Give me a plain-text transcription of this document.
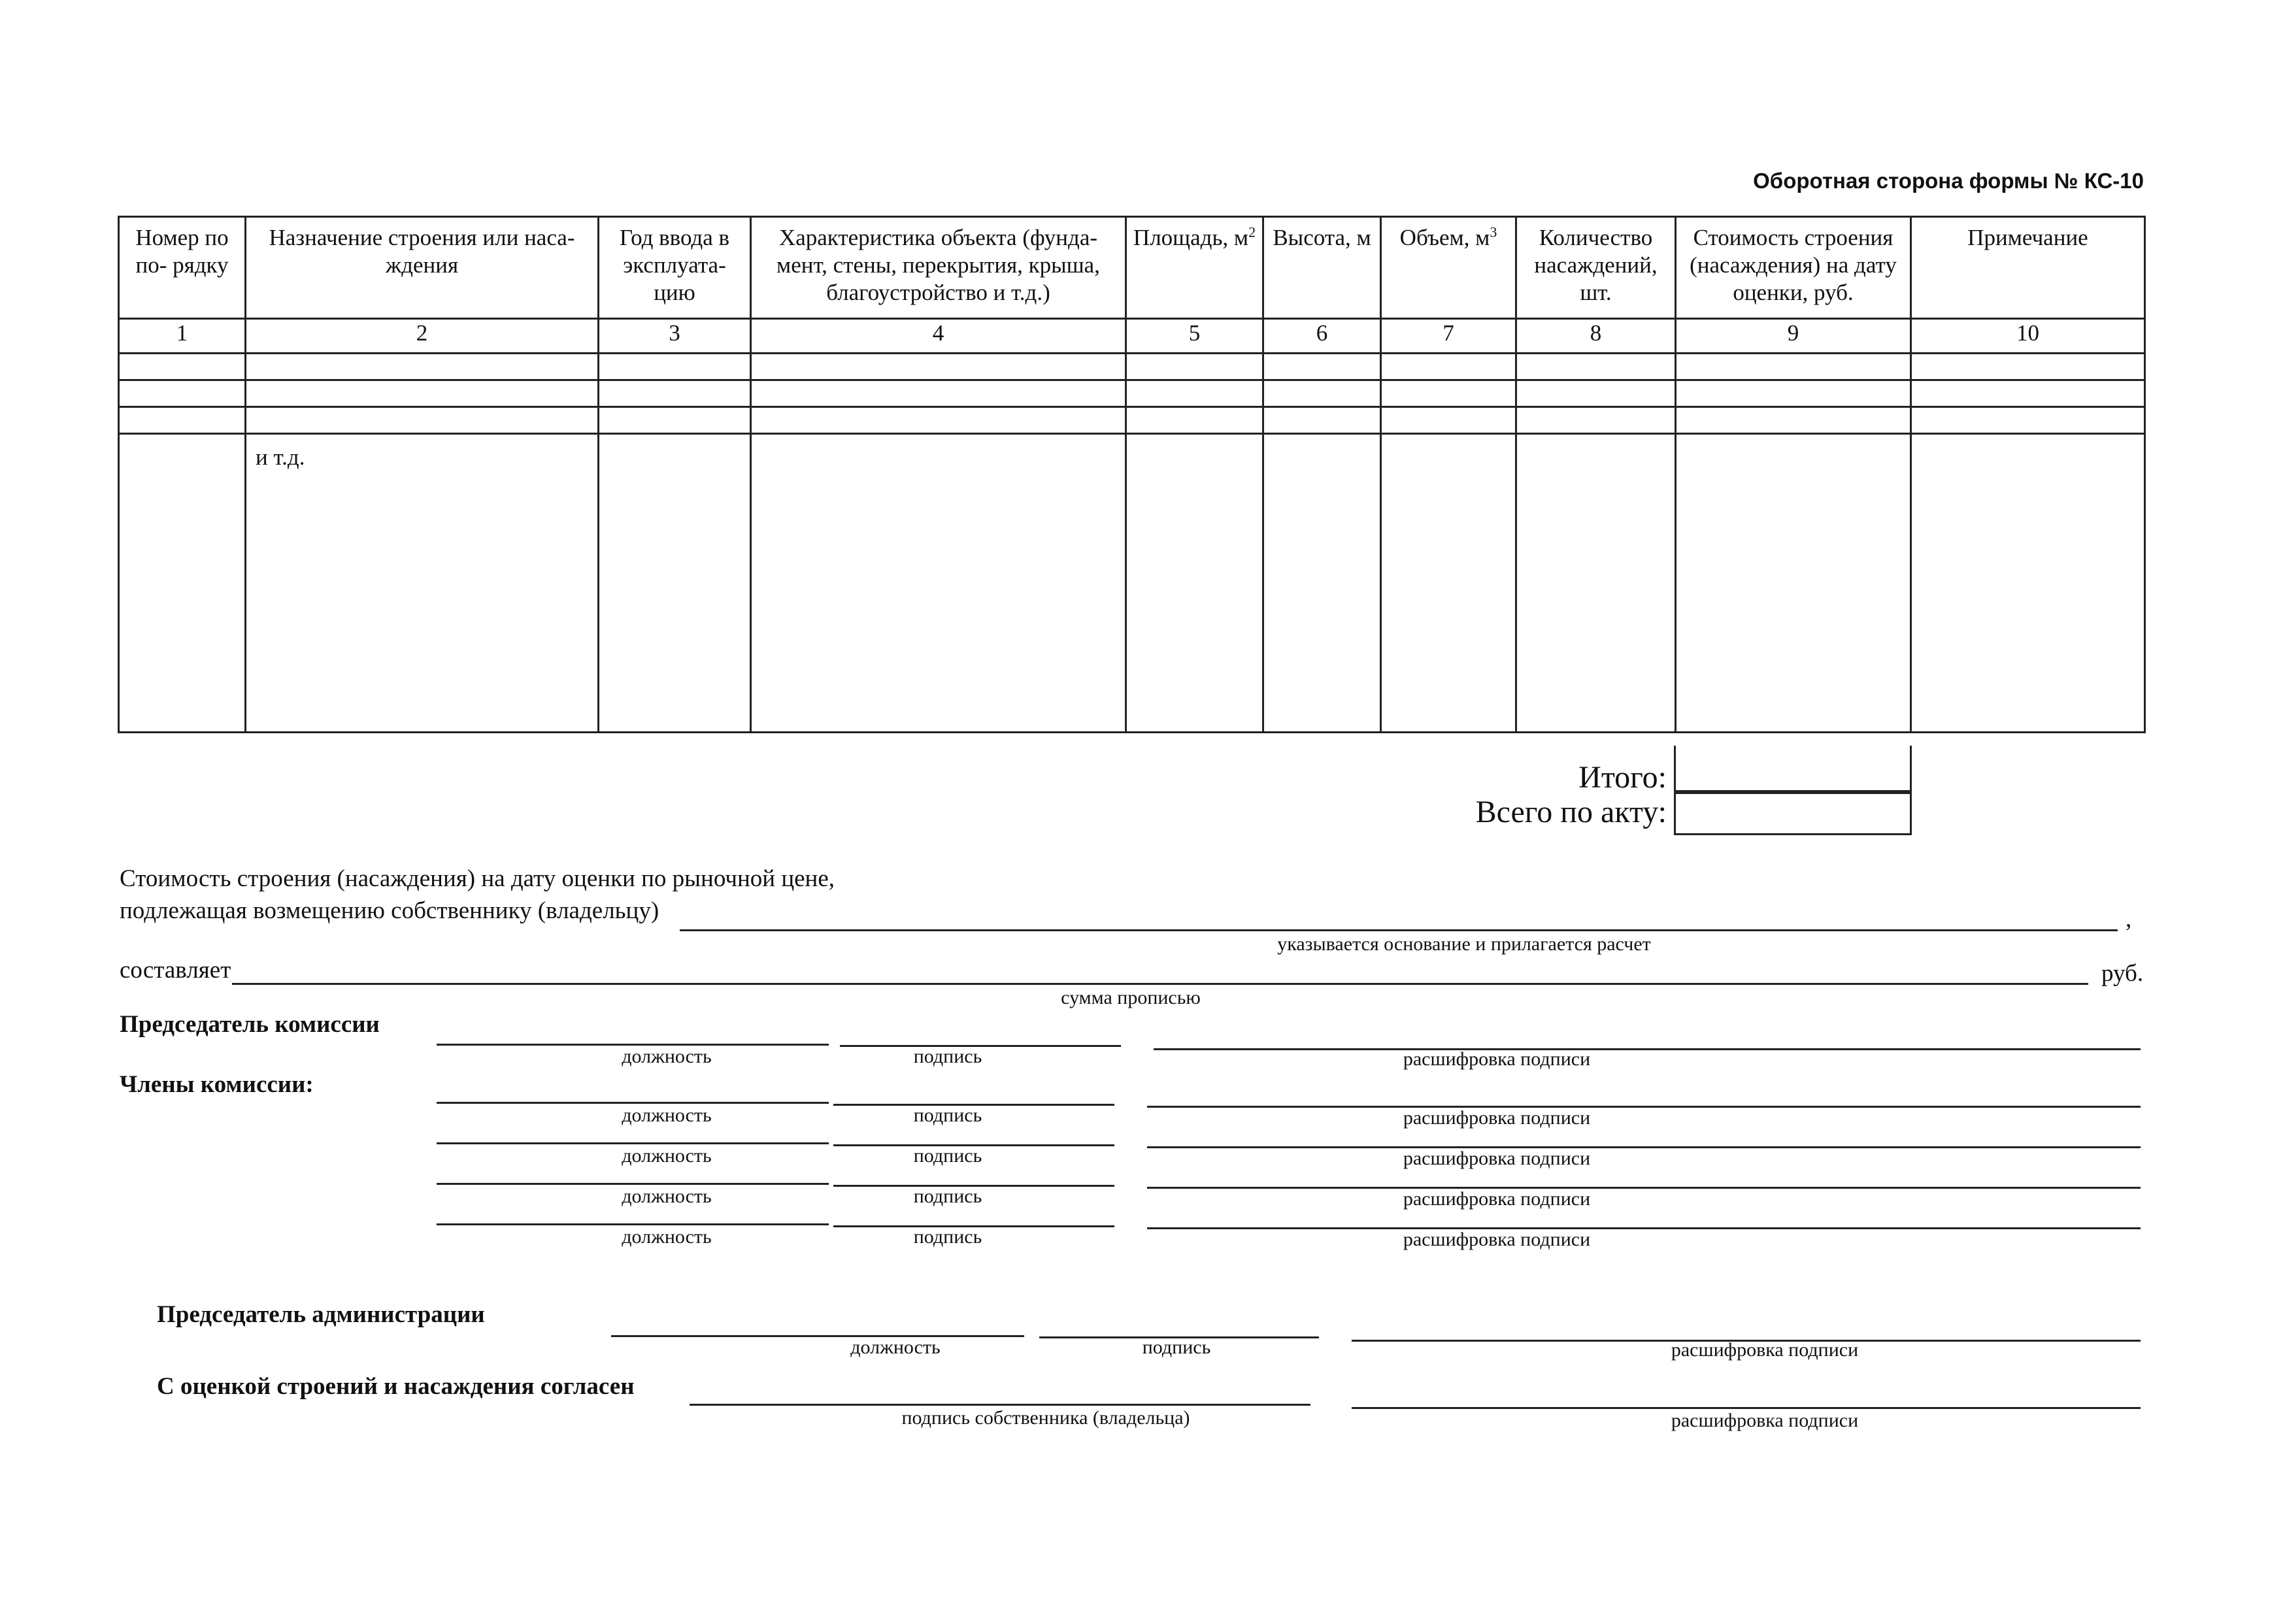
Оборотная сторона формы № КС-10
Номер по по- рядку	Назначение строения или наса- ждения	Год ввода в эксплуата- цию	Характеристика объекта (фунда- мент, стены, перекрытия, крыша, благоустройство и т.д.)	Площадь, $м^2$	Высота, м	Объем, $м^3$	Количество насаждений, шт.	Стоимость строения (насаждения) на дату оценки, руб.	Примечание
1	2	3	4	5	6	7	8	9	10

	и т.д.								
Итого:
Всего по акту:
Стоимость строения (насаждения) на дату оценки по рыночной цене,
подлежащая возмещению собственнику (владельцу)	,
указывается основание и прилагается расчет
составляет	руб.
сумма прописью
Председатель комиссии
должность	подпись	расшифровка подписи
Члены комиссии:
должность	подпись	расшифровка подписи
должность	подпись	расшифровка подписи
должность	подпись	расшифровка подписи
должность	подпись	расшифровка подписи
Председатель администрации
должность	подпись	расшифровка подписи
С оценкой строений и насаждения согласен
подпись собственника (владельца)	расшифровка подписи
